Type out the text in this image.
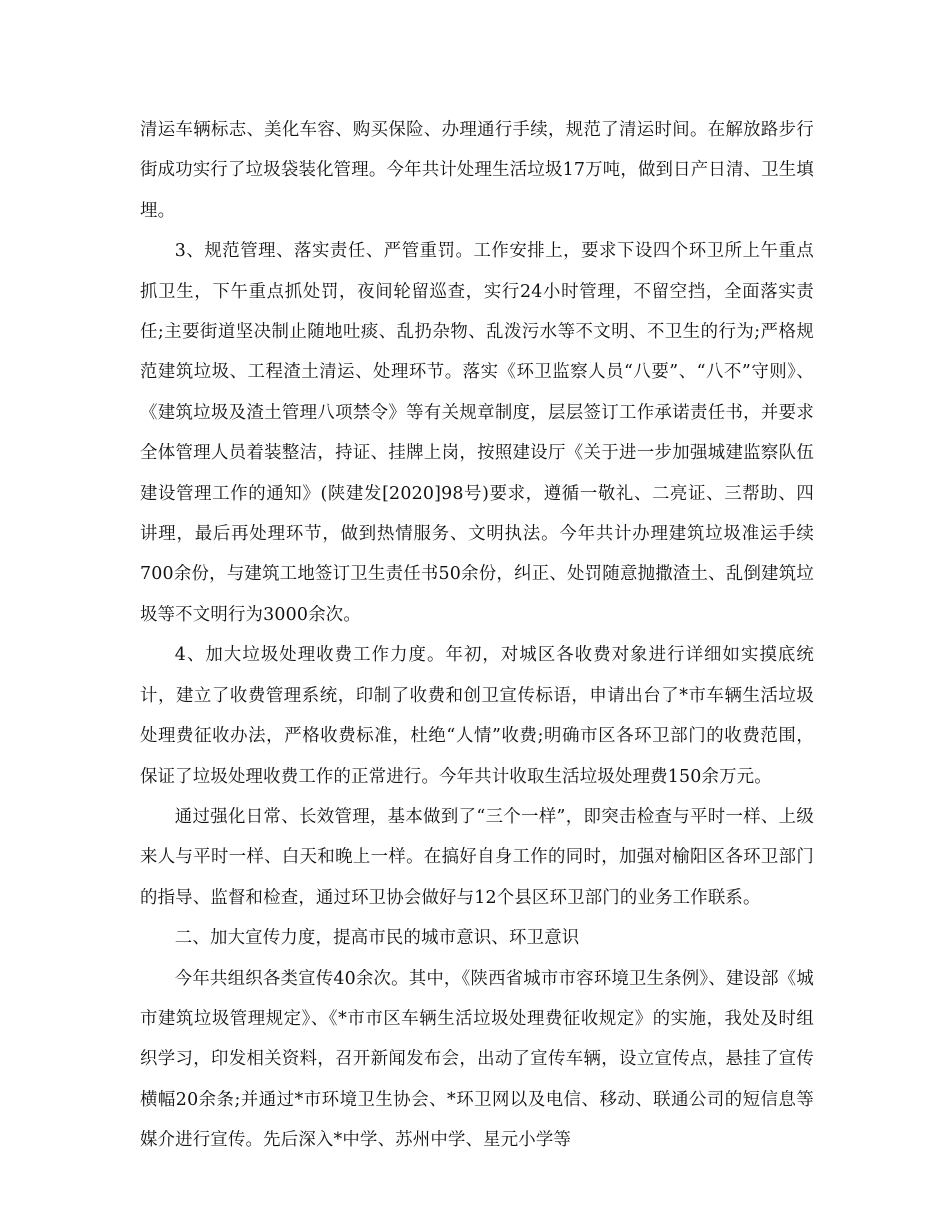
清运车辆标志、美化车容、购买保险、办理通行手续，规范了清运时间。在解放路步行街成功实行了垃圾袋装化管理。今年共计处理生活垃圾17万吨，做到日产日清、卫生填埋。

3、规范管理、落实责任、严管重罚。工作安排上，要求下设四个环卫所上午重点抓卫生，下午重点抓处罚，夜间轮留巡查，实行24小时管理，不留空挡，全面落实责任;主要街道坚决制止随地吐痰、乱扔杂物、乱泼污水等不文明、不卫生的行为;严格规范建筑垃圾、工程渣土清运、处理环节。落实《环卫监察人员“八要”、“八不”守则》、《建筑垃圾及渣土管理八项禁令》等有关规章制度，层层签订工作承诺责任书，并要求全体管理人员着装整洁，持证、挂牌上岗，按照建设厅《关于进一步加强城建监察队伍建设管理工作的通知》(陕建发[2020]98号)要求，遵循一敬礼、二亮证、三帮助、四讲理，最后再处理环节，做到热情服务、文明执法。今年共计办理建筑垃圾准运手续700余份，与建筑工地签订卫生责任书50余份，纠正、处罚随意抛撒渣土、乱倒建筑垃圾等不文明行为3000余次。

4、加大垃圾处理收费工作力度。年初，对城区各收费对象进行详细如实摸底统计，建立了收费管理系统，印制了收费和创卫宣传标语，申请出台了*市车辆生活垃圾处理费征收办法，严格收费标准，杜绝“人情”收费;明确市区各环卫部门的收费范围，保证了垃圾处理收费工作的正常进行。今年共计收取生活垃圾处理费150余万元。

通过强化日常、长效管理，基本做到了“三个一样”，即突击检查与平时一样、上级来人与平时一样、白天和晚上一样。在搞好自身工作的同时，加强对榆阳区各环卫部门的指导、监督和检查，通过环卫协会做好与12个县区环卫部门的业务工作联系。

二、加大宣传力度，提高市民的城市意识、环卫意识

今年共组织各类宣传40余次。其中，《陕西省城市市容环境卫生条例》、建设部《城市建筑垃圾管理规定》、《*市市区车辆生活垃圾处理费征收规定》的实施，我处及时组织学习，印发相关资料，召开新闻发布会，出动了宣传车辆，设立宣传点，悬挂了宣传横幅20余条;并通过*市环境卫生协会、*环卫网以及电信、移动、联通公司的短信息等媒介进行宣传。先后深入*中学、苏州中学、星元小学等
